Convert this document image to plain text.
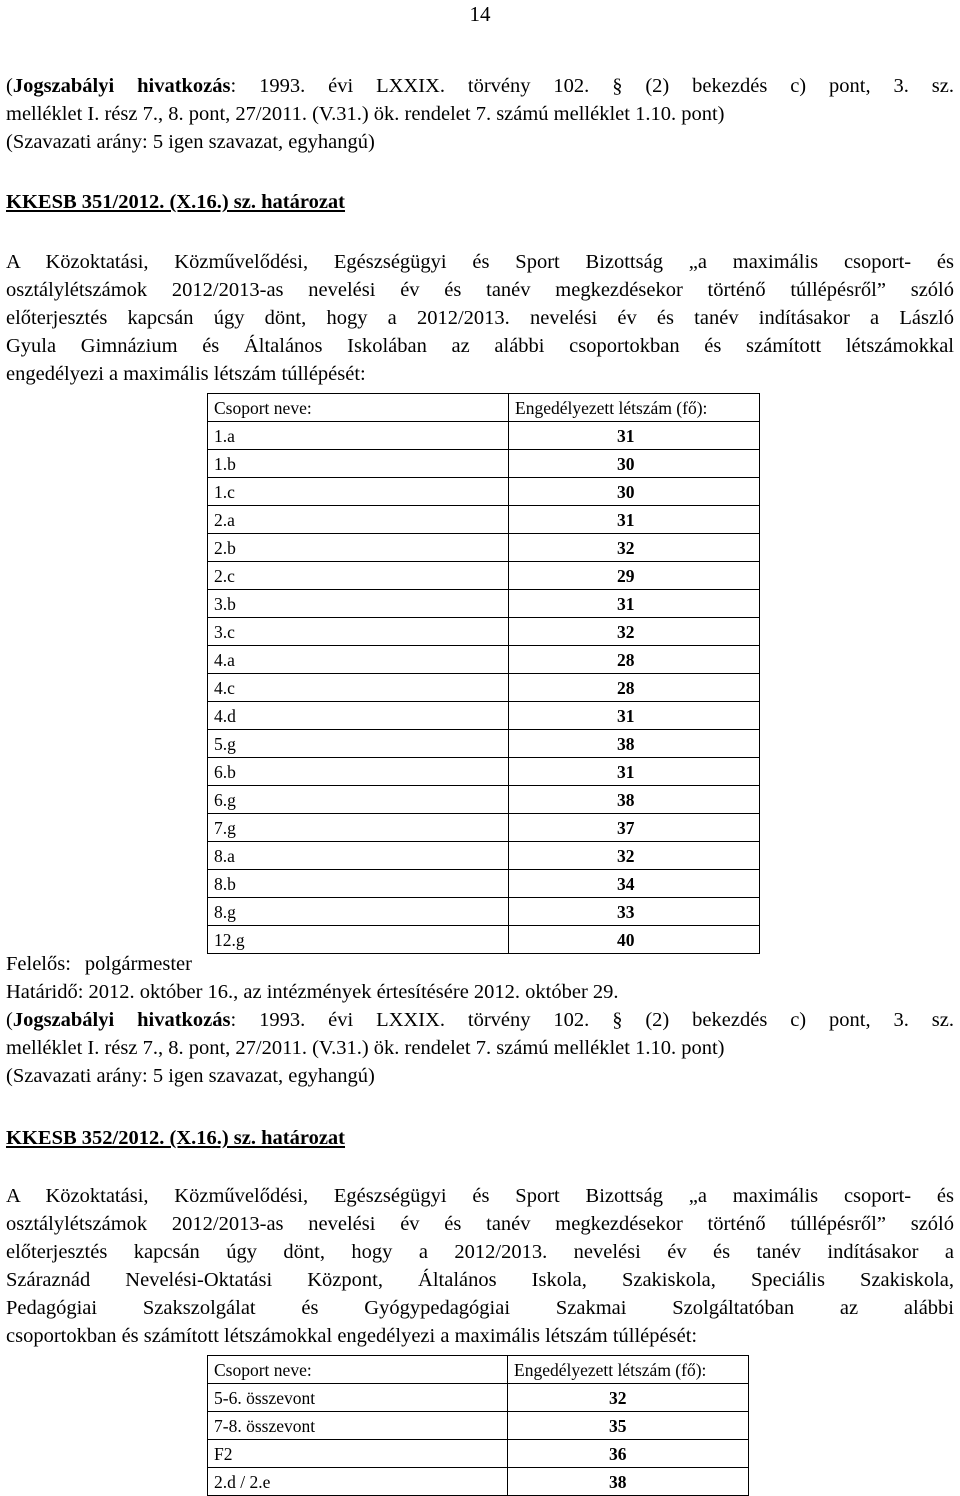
14
(Jogszabályi hivatkozás: 1993. évi LXXIX. törvény 102. § (2) bekezdés c) pont, 3. sz.
melléklet I. rész 7., 8. pont, 27/2011. (V.31.) ök. rendelet 7. számú melléklet 1.10. pont)
(Szavazati arány: 5 igen szavazat, egyhangú)
KKESB 351/2012. (X.16.) sz. határozat
A Közoktatási, Közművelődési, Egészségügyi és Sport Bizottság „a maximális csoport- és
osztálylétszámok 2012/2013-as nevelési év és tanév megkezdésekor történő túllépésről” szóló
előterjesztés kapcsán úgy dönt, hogy a 2012/2013. nevelési év és tanév indításakor a László
Gyula Gimnázium és Általános Iskolában az alábbi csoportokban és számított létszámokkal
engedélyezi a maximális létszám túllépését:
Csoport neve:	Engedélyezett létszám (fő):
1.a	31
1.b	30
1.c	30
2.a	31
2.b	32
2.c	29
3.b	31
3.c	32
4.a	28
4.c	28
4.d	31
5.g	38
6.b	31
6.g	38
7.g	37
8.a	32
8.b	34
8.g	33
12.g	40
Felelős: polgármester
Határidő: 2012. október 16., az intézmények értesítésére 2012. október 29.
(Jogszabályi hivatkozás: 1993. évi LXXIX. törvény 102. § (2) bekezdés c) pont, 3. sz.
melléklet I. rész 7., 8. pont, 27/2011. (V.31.) ök. rendelet 7. számú melléklet 1.10. pont)
(Szavazati arány: 5 igen szavazat, egyhangú)
KKESB 352/2012. (X.16.) sz. határozat
A Közoktatási, Közművelődési, Egészségügyi és Sport Bizottság „a maximális csoport- és
osztálylétszámok 2012/2013-as nevelési év és tanév megkezdésekor történő túllépésről” szóló
előterjesztés kapcsán úgy dönt, hogy a 2012/2013. nevelési év és tanév indításakor a
Száraznád Nevelési-Oktatási Központ, Általános Iskola, Szakiskola, Speciális Szakiskola,
Pedagógiai Szakszolgálat és Gyógypedagógiai Szakmai Szolgáltatóban az alábbi
csoportokban és számított létszámokkal engedélyezi a maximális létszám túllépését:
Csoport neve:	Engedélyezett létszám (fő):
5-6. összevont	32
7-8. összevont	35
F2	36
2.d / 2.e	38
